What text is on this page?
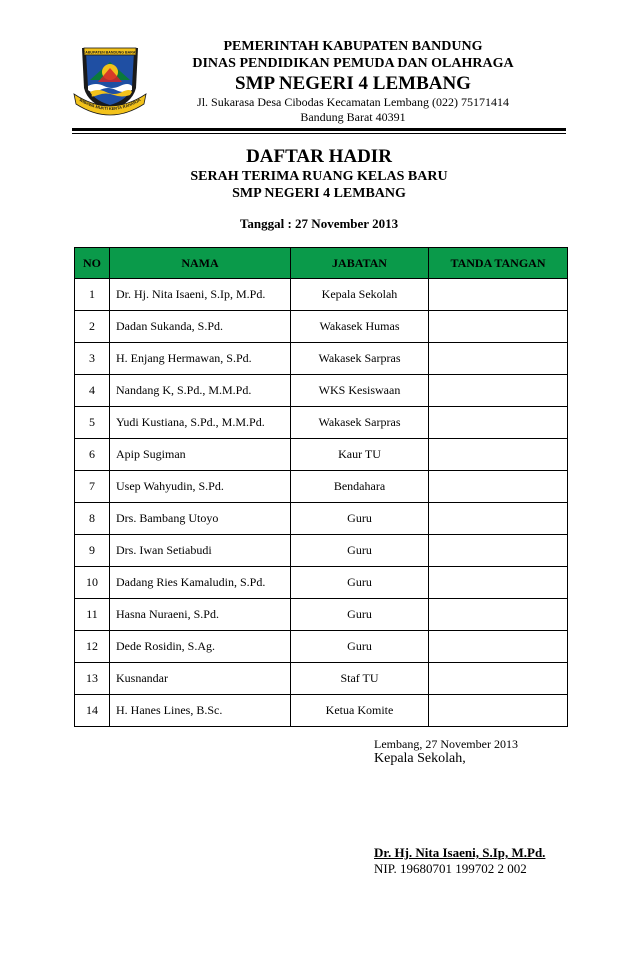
KABUPATEN BANDUNG BARAT
WIBAWA MUKTI KERTA RAHARJA
PEMERINTAH KABUPATEN BANDUNG
DINAS PENDIDIKAN PEMUDA DAN OLAHRAGA
SMP NEGERI 4 LEMBANG
Jl. Sukarasa Desa Cibodas Kecamatan Lembang (022) 75171414
Bandung Barat 40391
DAFTAR HADIR
SERAH TERIMA RUANG KELAS BARU
SMP NEGERI 4 LEMBANG
Tanggal : 27 November 2013
NO	NAMA	JABATAN	TANDA TANGAN
1	Dr. Hj. Nita Isaeni, S.Ip, M.Pd.	Kepala Sekolah	
2	Dadan Sukanda, S.Pd.	Wakasek Humas	
3	H. Enjang Hermawan, S.Pd.	Wakasek Sarpras	
4	Nandang K, S.Pd., M.M.Pd.	WKS Kesiswaan	
5	Yudi Kustiana, S.Pd., M.M.Pd.	Wakasek Sarpras	
6	Apip Sugiman	Kaur TU	
7	Usep Wahyudin, S.Pd.	Bendahara	
8	Drs. Bambang Utoyo	Guru	
9	Drs. Iwan Setiabudi	Guru	
10	Dadang Ries Kamaludin, S.Pd.	Guru	
11	Hasna Nuraeni, S.Pd.	Guru	
12	Dede Rosidin, S.Ag.	Guru	
13	Kusnandar	Staf TU	
14	H. Hanes Lines, B.Sc.	Ketua Komite	
Lembang, 27 November 2013
Kepala Sekolah,
Dr. Hj. Nita Isaeni, S.Ip, M.Pd.
NIP. 19680701 199702 2 002
